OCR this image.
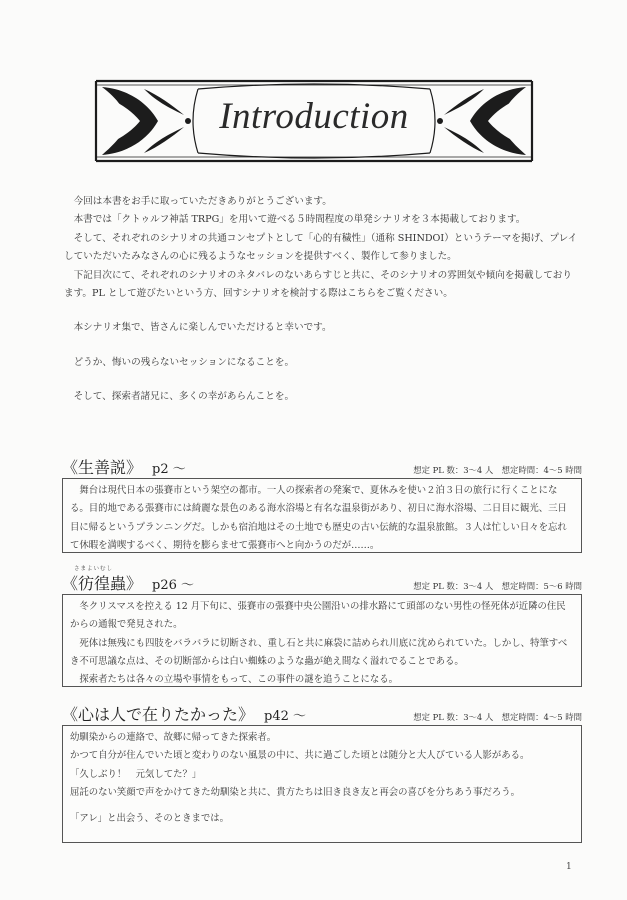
Introduction

今回は本書をお手に取っていただきありがとうございます。

本書では「クトゥルフ神話 TRPG」を用いて遊べる５時間程度の単発シナリオを３本掲載しております。

そして、それぞれのシナリオの共通コンセプトとして「心的有穢性」（通称 SHINDOI）というテーマを掲げ、プレイしていただいたみなさんの心に残るようなセッションを提供すべく、製作して参りました。

下記目次にて、それぞれのシナリオのネタバレのないあらすじと共に、そのシナリオの雰囲気や傾向を掲載しております。PL として遊びたいという方、回すシナリオを検討する際はこちらをご覧ください。

本シナリオ集で、皆さんに楽しんでいただけると幸いです。

どうか、悔いの残らないセッションになることを。

そして、探索者諸兄に、多くの幸があらんことを。

《生善説》 p2 ～	想定 PL 数：3～4 人　想定時間：4～5 時間

舞台は現代日本の張賽市という架空の都市。一人の探索者の発案で、夏休みを使い２泊３日の旅行に行くことになる。目的地である張賽市には綺麗な景色のある海水浴場と有名な温泉街があり、初日に海水浴場、二日目に観光、三日目に帰るというプランニングだ。しかも宿泊地はその土地でも歴史の古い伝統的な温泉旅館。３人は忙しい日々を忘れて休暇を満喫するべく、期待を膨らませて張賽市へと向かうのだが……。

さまよいむし
《彷徨蟲》 p26 ～	想定 PL 数：3～4 人　想定時間：5～6 時間

冬クリスマスを控える 12 月下旬に、張賽市の張賽中央公園沿いの排水路にて頭部のない男性の怪死体が近隣の住民からの通報で発見された。

死体は無残にも四肢をバラバラに切断され、重し石と共に麻袋に詰められ川底に沈められていた。しかし、特筆すべき不可思議な点は、その切断部からは白い蜘蛛のような蟲が絶え間なく溢れでることである。

探索者たちは各々の立場や事情をもって、この事件の謎を追うことになる。

《心は人で在りたかった》 p42 ～	想定 PL 数：3～4 人　想定時間：4～5 時間

幼馴染からの連絡で、故郷に帰ってきた探索者。

かつて自分が住んでいた頃と変わりのない風景の中に、共に過ごした頃とは随分と大人びている人影がある。

「久しぶり！　元気してた？」

屈託のない笑顔で声をかけてきた幼馴染と共に、貴方たちは旧き良き友と再会の喜びを分ちあう事だろう。

「アレ」と出会う、そのときまでは。

1
